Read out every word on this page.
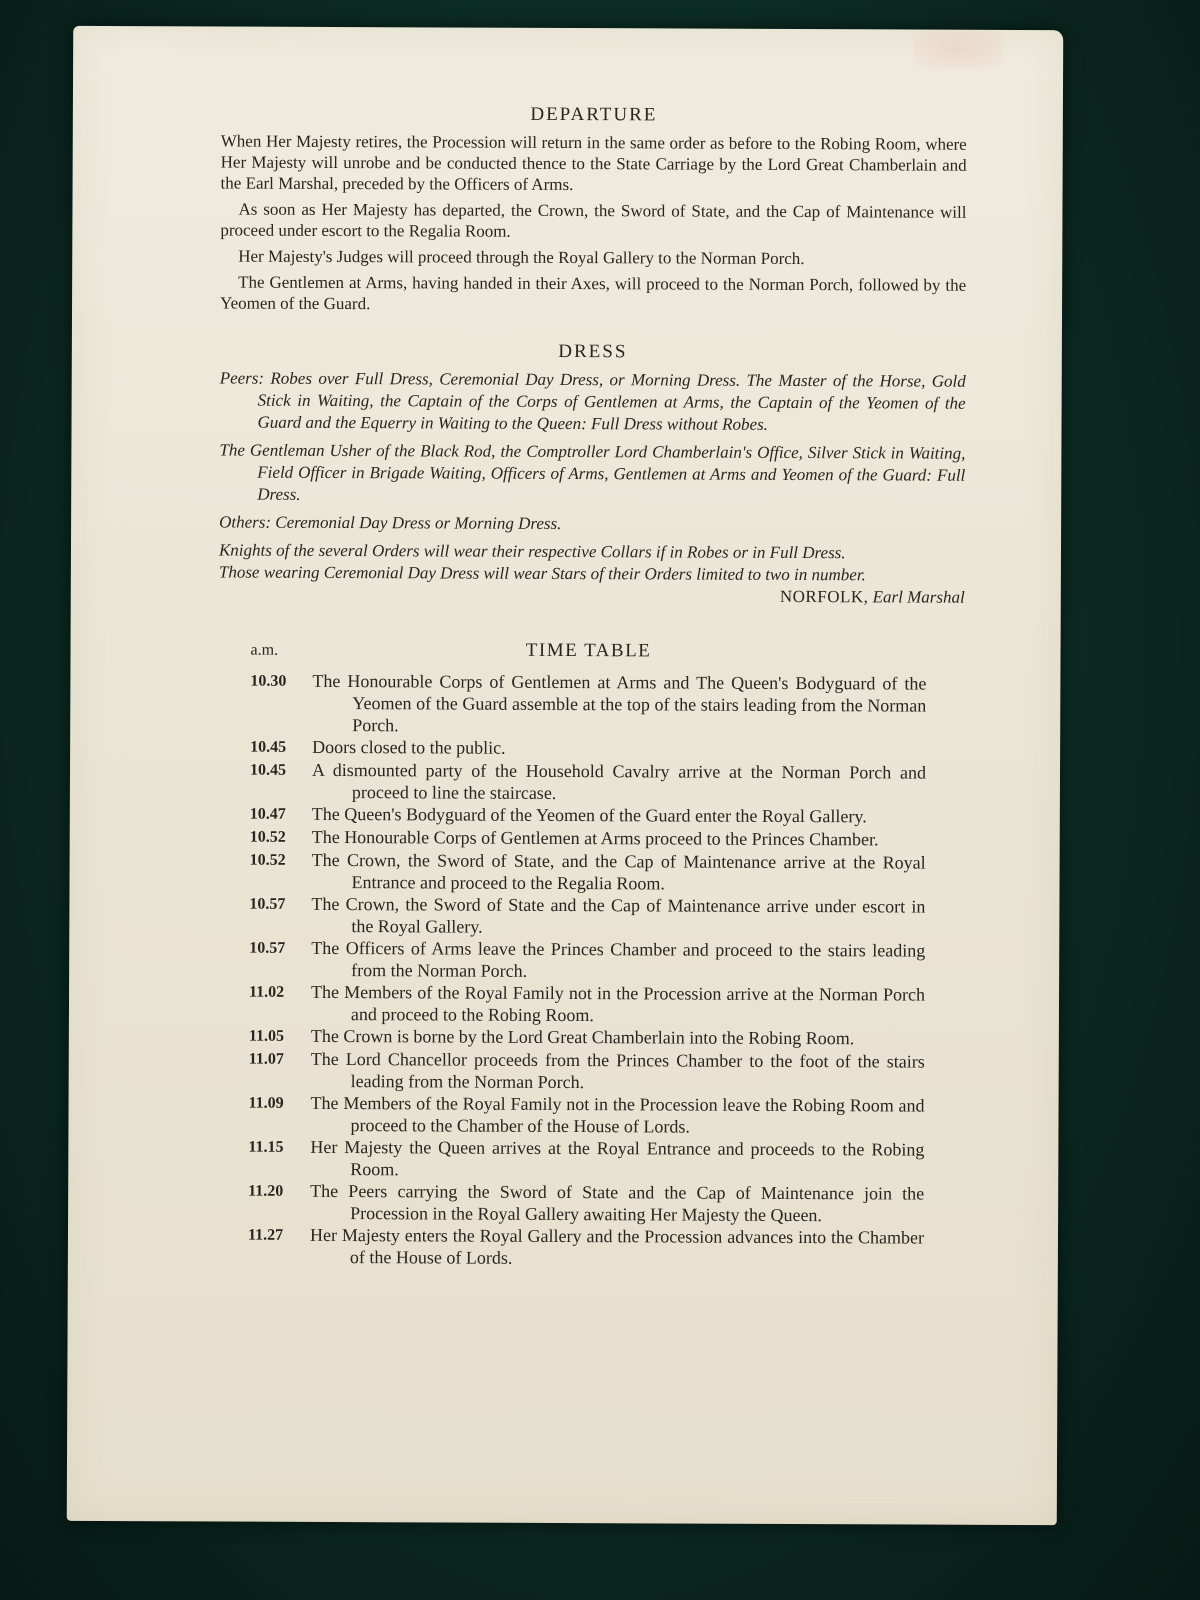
DEPARTURE

When Her Majesty retires, the Procession will return in the same order as before to the Robing Room, where Her Majesty will unrobe and be conducted thence to the State Carriage by the Lord Great Chamberlain and the Earl Marshal, preceded by the Officers of Arms.

As soon as Her Majesty has departed, the Crown, the Sword of State, and the Cap of Maintenance will proceed under escort to the Regalia Room.

Her Majesty's Judges will proceed through the Royal Gallery to the Norman Porch.

The Gentlemen at Arms, having handed in their Axes, will proceed to the Norman Porch, followed by the Yeomen of the Guard.

DRESS

Peers: Robes over Full Dress, Ceremonial Day Dress, or Morning Dress. The Master of the Horse, Gold Stick in Waiting, the Captain of the Corps of Gentlemen at Arms, the Captain of the Yeomen of the Guard and the Equerry in Waiting to the Queen: Full Dress without Robes.

The Gentleman Usher of the Black Rod, the Comptroller Lord Chamberlain's Office, Silver Stick in Waiting, Field Officer in Brigade Waiting, Officers of Arms, Gentlemen at Arms and Yeomen of the Guard: Full Dress.

Others: Ceremonial Day Dress or Morning Dress.

Knights of the several Orders will wear their respective Collars if in Robes or in Full Dress.

Those wearing Ceremonial Day Dress will wear Stars of their Orders limited to two in number.

NORFOLK, Earl Marshal
a.m.	TIME TABLE
10.30	The Honourable Corps of Gentlemen at Arms and The Queen's Bodyguard of the Yeomen of the Guard assemble at the top of the stairs leading from the Norman Porch.
10.45	Doors closed to the public.
10.45	A dismounted party of the Household Cavalry arrive at the Norman Porch and proceed to line the staircase.
10.47	The Queen's Bodyguard of the Yeomen of the Guard enter the Royal Gallery.
10.52	The Honourable Corps of Gentlemen at Arms proceed to the Princes Chamber.
10.52	The Crown, the Sword of State, and the Cap of Maintenance arrive at the Royal Entrance and proceed to the Regalia Room.
10.57	The Crown, the Sword of State and the Cap of Maintenance arrive under escort in the Royal Gallery.
10.57	The Officers of Arms leave the Princes Chamber and proceed to the stairs leading from the Norman Porch.
11.02	The Members of the Royal Family not in the Procession arrive at the Norman Porch and proceed to the Robing Room.
11.05	The Crown is borne by the Lord Great Chamberlain into the Robing Room.
11.07	The Lord Chancellor proceeds from the Princes Chamber to the foot of the stairs leading from the Norman Porch.
11.09	The Members of the Royal Family not in the Procession leave the Robing Room and proceed to the Chamber of the House of Lords.
11.15	Her Majesty the Queen arrives at the Royal Entrance and proceeds to the Robing Room.
11.20	The Peers carrying the Sword of State and the Cap of Maintenance join the Procession in the Royal Gallery awaiting Her Majesty the Queen.
11.27	Her Majesty enters the Royal Gallery and the Procession advances into the Chamber of the House of Lords.
